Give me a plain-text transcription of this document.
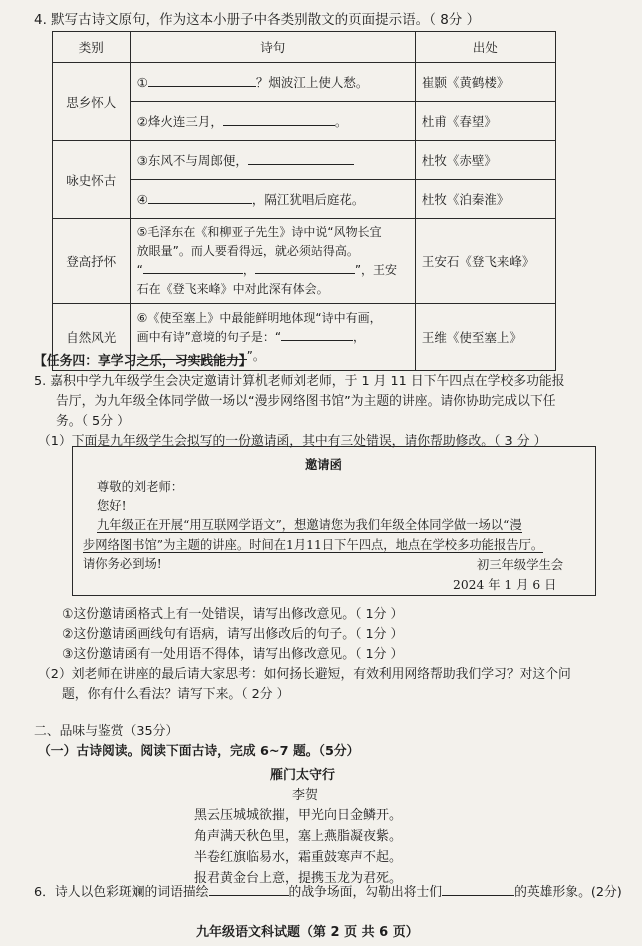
4. 默写古诗文原句，作为这本小册子中各类别散文的页面提示语。（ 8分 ）
类别	诗句	出处
思乡怀人	① ？烟波江上使人愁。	崔颢《黄鹤楼》
	②烽火连三月， 。	杜甫《春望》
咏史怀古	③东风不与周郎便，	杜牧《赤壁》
	④ ，隔江犹唱后庭花。	杜牧《泊秦淮》
登高抒怀	⑤毛泽东在《和柳亚子先生》诗中说“风物长宜
放眼量”。而人要看得远，就必须站得高。
“ ， ”，王安
石在《登飞来峰》中对此深有体会。	王安石《登飞来峰》
自然风光	⑥《使至塞上》中最能鲜明地体现“诗中有画，
画中有诗”意境的句子是：“ ，
”。	王维《使至塞上》
【任务四：享学习之乐，习实践能力】
5. 嘉积中学九年级学生会决定邀请计算机老师刘老师，于 1 月 11 日下午四点在学校多功能报
告厅，为九年级全体同学做一场以“漫步网络图书馆”为主题的讲座。请你协助完成以下任
务。（ 5分 ）
（1）下面是九年级学生会拟写的一份邀请函，其中有三处错误，请你帮助修改。（ 3 分 ）
邀请函
尊敬的刘老师：
您好!
九年级正在开展“用互联网学语文”，想邀请您为我们年级全体同学做一场以“漫
步网络图书馆”为主题的讲座。时间在1月11日下午四点，地点在学校多功能报告厅。
请你务必到场!	初三年级学生会
2024 年 1 月 6 日
①这份邀请函格式上有一处错误，请写出修改意见。（ 1分 ）
②这份邀请函画线句有语病，请写出修改后的句子。（ 1分 ）
③这份邀请函有一处用语不得体，请写出修改意见。（ 1分 ）
（2）刘老师在讲座的最后请大家思考：如何扬长避短，有效利用网络帮助我们学习？对这个问
题，你有什么看法？请写下来。（ 2分 ）
二、品味与鉴赏（35分）
（一）古诗阅读。阅读下面古诗，完成 6~7 题。（5分）
雁门太守行
李贺
黑云压城城欲摧，甲光向日金鳞开。
角声满天秋色里，塞上燕脂凝夜紫。
半卷红旗临易水，霜重鼓寒声不起。
报君黄金台上意，提携玉龙为君死。
6．诗人以色彩斑斓的词语描绘	的战争场面，勾勒出将士们	的英雄形象。(2分)
九年级语文科试题（第 2 页 共 6 页）
